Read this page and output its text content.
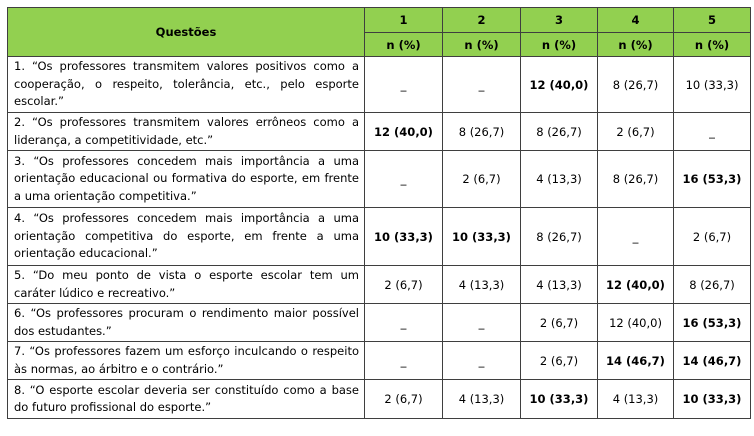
Questões	1	2	3	4	5
	n (%)	n (%)	n (%)	n (%)	n (%)
1. “Os professores transmitem valores positivos como a cooperação, o respeito, tolerância, etc., pelo esporte escolar.”	_	_	12 (40,0)	8 (26,7)	10 (33,3)
2. “Os professores transmitem valores errôneos como a liderança, a competitividade, etc.”	12 (40,0)	8 (26,7)	8 (26,7)	2 (6,7)	_
3. “Os professores concedem mais importância a uma orientação educacional ou formativa do esporte, em frente a uma orientação competitiva.”	_	2 (6,7)	4 (13,3)	8 (26,7)	16 (53,3)
4. “Os professores concedem mais importância a uma orientação competitiva do esporte, em frente a uma orientação educacional.”	10 (33,3)	10 (33,3)	8 (26,7)	_	2 (6,7)
5. “Do meu ponto de vista o esporte escolar tem um caráter lúdico e recreativo.”	2 (6,7)	4 (13,3)	4 (13,3)	12 (40,0)	8 (26,7)
6. “Os professores procuram o rendimento maior possível dos estudantes.”	_	_	2 (6,7)	12 (40,0)	16 (53,3)
7. “Os professores fazem um esforço inculcando o respeito às normas, ao árbitro e o contrário.”	_	_	2 (6,7)	14 (46,7)	14 (46,7)
8. “O esporte escolar deveria ser constituído como a base do futuro profissional do esporte.”	2 (6,7)	4 (13,3)	10 (33,3)	4 (13,3)	10 (33,3)
